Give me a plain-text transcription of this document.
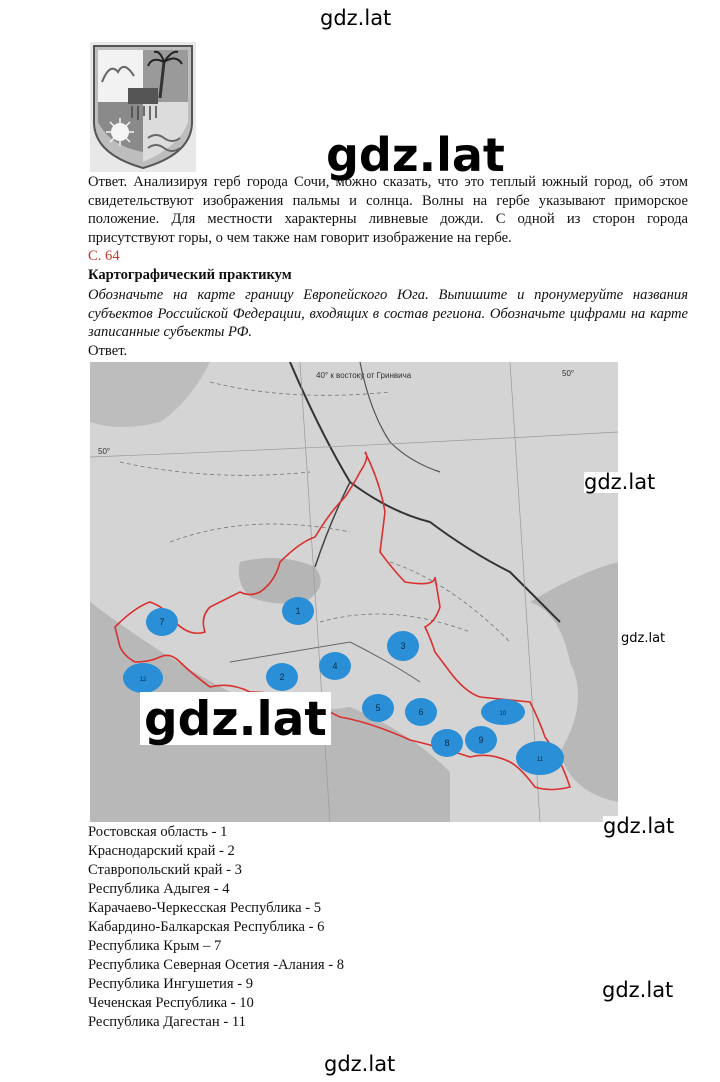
gdz.lat
gdz.lat
Ответ. Анализируя герб города Сочи, можно сказать, что это теплый южный город, об этом свидетельствуют изображения пальмы и солнца. Волны на гербе указывают приморское положение. Для местности характерны ливневые дожди. С одной из сторон города присутствуют горы, о чем также нам говорит изображение на гербе.
С. 64
Картографический практикум
Обозначьте на карте границу Европейского Юга. Выпишите и пронумеруйте названия субъектов Российской Федерации, входящих в состав региона. Обозначьте цифрами на карте записанные субъекты РФ.
Ответ.
40° к востоку от Гринвича
50°
50°
1
2
3
4
5	6
7
8	9
10
11
12
gdz.lat
gdz.lat
gdz.lat
Ростовская область - 1
Краснодарский край - 2
Ставропольский край - 3
Республика Адыгея - 4
Карачаево-Черкесская Республика - 5
Кабардино-Балкарская Республика - 6
Республика Крым – 7
Республика Северная Осетия -Алания - 8
Республика Ингушетия - 9
Чеченская Республика - 10
Республика Дагестан - 11
gdz.lat
gdz.lat
gdz.lat
